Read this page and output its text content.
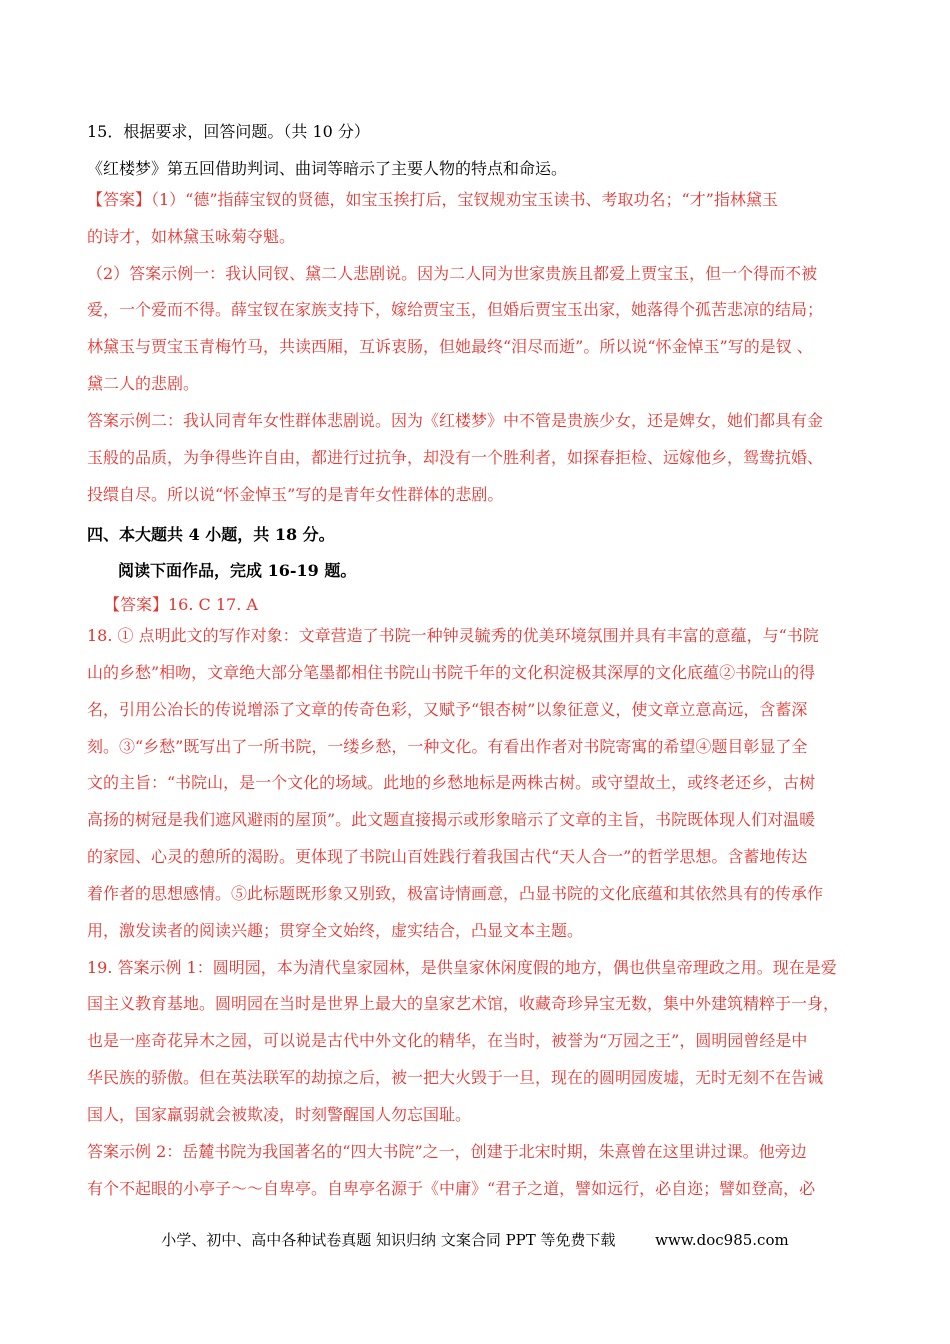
15．根据要求，回答问题。（共 10 分）

《红楼梦》第五回借助判词、曲词等暗示了主要人物的特点和命运。

【答案】（1）“德”指薛宝钗的贤德，如宝玉挨打后，宝钗规劝宝玉读书、考取功名；“才”指林黛玉

的诗才，如林黛玉咏菊夺魁。

（2）答案示例一：我认同钗、黛二人悲剧说。因为二人同为世家贵族且都爱上贾宝玉，但一个得而不被

爱，一个爱而不得。薛宝钗在家族支持下，嫁给贾宝玉，但婚后贾宝玉出家，她落得个孤苦悲凉的结局；

林黛玉与贾宝玉青梅竹马，共读西厢，互诉衷肠，但她最终“泪尽而逝”。所以说“怀金悼玉”写的是钗 、

黛二人的悲剧。

答案示例二：我认同青年女性群体悲剧说。因为《红楼梦》中不管是贵族少女，还是婢女，她们都具有金

玉般的品质，为争得些许自由，都进行过抗争，却没有一个胜利者，如探春拒检、远嫁他乡，鸳鸯抗婚、

投缳自尽。所以说“怀金悼玉”写的是青年女性群体的悲剧。

四、本大题共 4 小题，共 18 分。

阅读下面作品，完成 16-19 题。

【答案】16. C 17. A

18. ① 点明此文的写作对象：文章营造了书院一种钟灵毓秀的优美环境氛围并具有丰富的意蕴，与“书院

山的乡愁”相吻，文章绝大部分笔墨都相住书院山书院千年的文化积淀极其深厚的文化底蕴②书院山的得

名，引用公冶长的传说增添了文章的传奇色彩，又赋予“银杏树”以象征意义，使文章立意高远，含蓄深

刻。③“乡愁”既写出了一所书院，一缕乡愁，一种文化。有看出作者对书院寄寓的希望④题目彰显了全

文的主旨：“书院山，是一个文化的场域。此地的乡愁地标是两株古树。或守望故土，或终老还乡，古树

高扬的树冠是我们遮风避雨的屋顶”。此文题直接揭示或形象暗示了文章的主旨，书院既体现人们对温暖

的家园、心灵的憩所的渴盼。更体现了书院山百姓践行着我国古代“天人合一”的哲学思想。含蓄地传达

着作者的思想感情。⑤此标题既形象又别致，极富诗情画意，凸显书院的文化底蕴和其依然具有的传承作

用，激发读者的阅读兴趣；贯穿全文始终，虚实结合，凸显文本主题。

19. 答案示例 1：圆明园，本为清代皇家园林，是供皇家休闲度假的地方，偶也供皇帝理政之用。现在是爱

国主义教育基地。圆明园在当时是世界上最大的皇家艺术馆，收藏奇珍异宝无数，集中外建筑精粹于一身，

也是一座奇花异木之园，可以说是古代中外文化的精华，在当时，被誉为“万园之王”，圆明园曾经是中

华民族的骄傲。但在英法联军的劫掠之后，被一把大火毁于一旦，现在的圆明园废墟，无时无刻不在告诫

国人，国家羸弱就会被欺凌，时刻警醒国人勿忘国耻。

答案示例 2：岳麓书院为我国著名的“四大书院”之一，创建于北宋时期，朱熹曾在这里讲过课。他旁边

有个不起眼的小亭子～～自卑亭。自卑亭名源于《中庸》“君子之道，譬如远行，必自迩；譬如登高，必

小学、初中、高中各种试卷真题 知识归纳 文案合同 PPT 等免费下载	www.doc985.com
